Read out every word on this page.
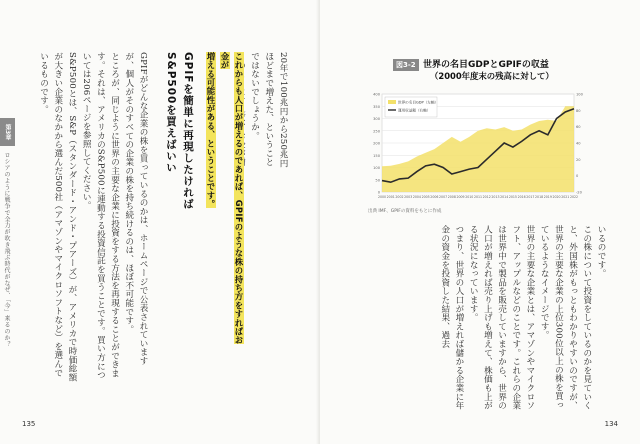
第3章
ロシアのように戦争で全力が吹き飛ぶ時代がなぜ、「今」来るのか？
20年で100兆円から250兆円ほどまで増えた、ということではないでしょうか。

これからも人口が増えるのであれば、GPIFのような株の持ち方をすればお金が
増える可能性がある、ということです。
GPIFを簡単に再現したければ
S&P500を買えばいい
GPIFがどんな企業の株を買っているのかは、ホームページで公表されていますが、個人がそのすべての企業の株を持ち続けるのは、ほぼ不可能です。
ところが、同じように世界の主要な企業に投資をする方法を再現することができます。それは、アメリカのS&P500に連動する投資信託を買うことです。買い方については206ページを参照してください。
S&P500とは、S&P（スタンダード・アンド・プアーズ）が、アメリカで時価総額が大きい企業のなかから選んだ500社（アマゾンやマイクロソフトなど）を選んでいるものです。
135
いるのです。
この株について投資をしているのかを見ていくと、外国株がもっともわかりやすいのですが、世界の主要な企業の上位300位以上の株を買っているようなイメージです。
世界の主要な企業とは、アマゾンやマイクロソフト、アップルなどのことです。これらの企業は世界中で製品を販売していますから、世界の人口が増えれば売り上げも増えて、株価も上がる状況になっています。
つまり、世界の人口が増えれば儲かる企業に年金の資金を投資した結果、過去
134
図3-2 世界の名目GDPとGPIFの収益
（2000年度末の残高に対して）
0
50
100
150
200
250
300
350
400
-20
0
20
40
60
80
100
2000 2001 2002 2003 2004 2005 2006 2007 2008 2009 2010 2011 2012 2013 2014 2015 2016 2017 2018 2019 2020 2021 2022
世界の名目GDP（左軸）
運用収益額（右軸）
出典 IMF、GPIFの資料をもとに作成
